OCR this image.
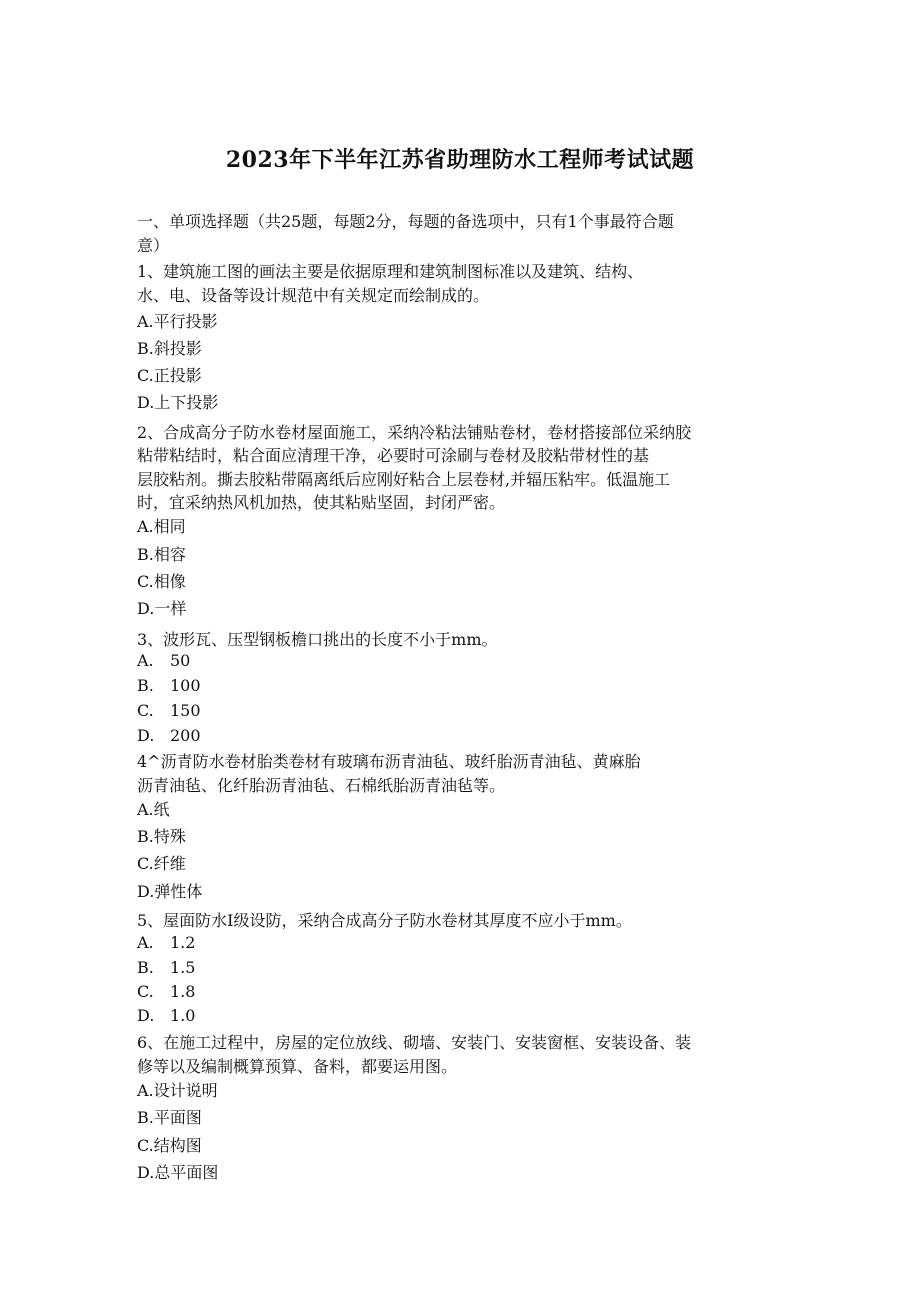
2023年下半年江苏省助理防水工程师考试试题
一、单项选择题（共25题，每题2分，每题的备选项中，只有1个事最符合题
意）
1、建筑施工图的画法主要是依据原理和建筑制图标准以及建筑、结构、
水、电、设备等设计规范中有关规定而绘制成的。
A.平行投影
B.斜投影
C.正投影
D.上下投影
2、合成高分子防水卷材屋面施工，采纳冷粘法铺贴卷材，卷材搭接部位采纳胶
粘带粘结时，粘合面应清理干净，必要时可涂刷与卷材及胶粘带材性的基
层胶粘剂。撕去胶粘带隔离纸后应刚好粘合上层卷材,并辐压粘牢。低温施工
时，宜采纳热风机加热，使其粘贴坚固，封闭严密。
A.相同
B.相容
C.相像
D.一样
3、波形瓦、压型钢板檐口挑出的长度不小于mm。
A. 50
B. 100
C. 150
D. 200
4^沥青防水卷材胎类卷材有玻璃布沥青油毡、玻纤胎沥青油毡、黄麻胎
沥青油毡、化纤胎沥青油毡、石棉纸胎沥青油毡等。
A.纸
B.特殊
C.纤维
D.弹性体
5、屋面防水I级设防，采纳合成高分子防水卷材其厚度不应小于mm。
A. 1.2
B. 1.5
C. 1.8
D. 1.0
6、在施工过程中，房屋的定位放线、砌墙、安装门、安装窗框、安装设备、装
修等以及编制概算预算、备料，都要运用图。
A.设计说明
B.平面图
C.结构图
D.总平面图
